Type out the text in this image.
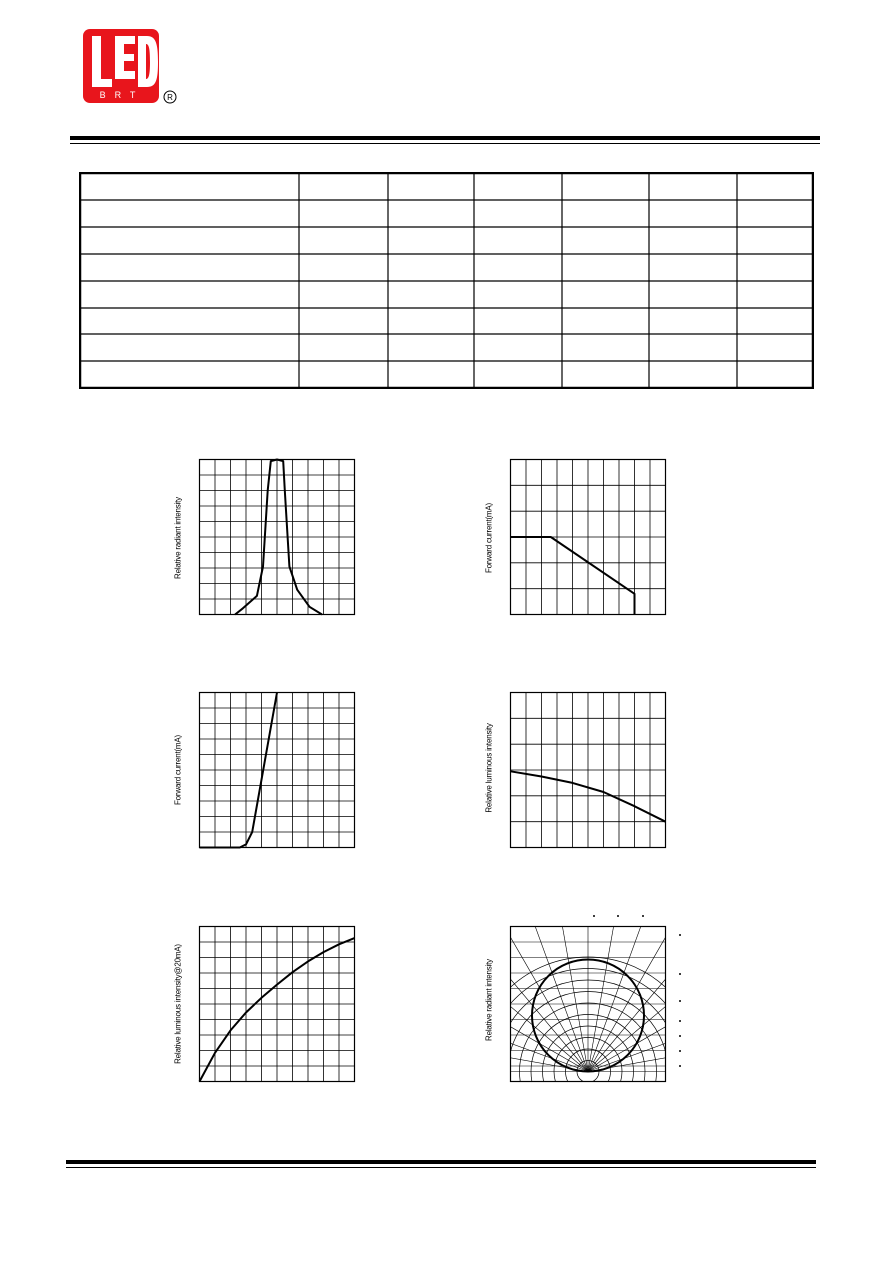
BRT	R
Relative radiant intensity	Forward current(mA)
Forward current(mA)	Relative luminous intensity
Relative luminous intensity@20mA)	Relative radiant intensity
